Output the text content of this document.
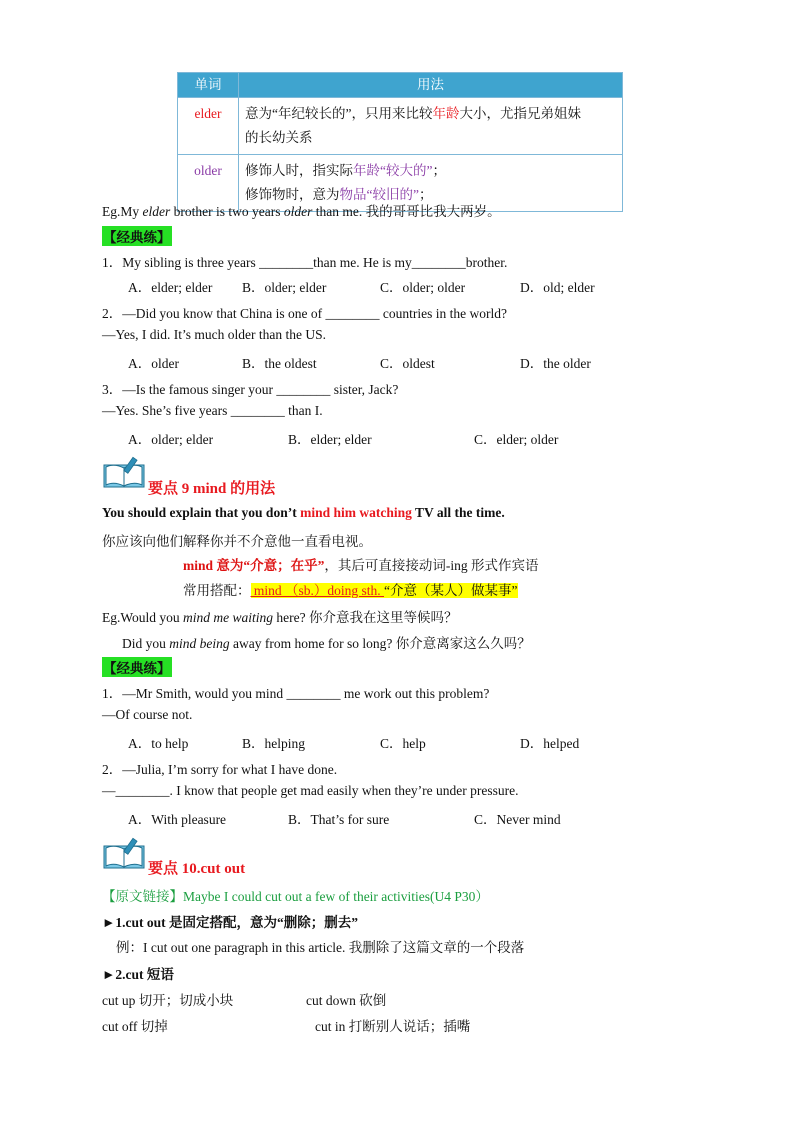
单词	用法
elder	意为“年纪较长的”，只用来比较年龄大小，尤指兄弟姐妹
的长幼关系
older	修饰人时，指实际年龄“较大的”；
修饰物时，意为物品“较旧的”；
Eg.My elder brother is two years older than me. 我的哥哥比我大两岁。
【经典练】
1．My sibling is three years ________than me. He is my________brother.
A．elder; elder B．older; elder	C．older; older	D．old; elder
2．—Did you know that China is one of ________ countries in the world?
—Yes, I did. It’s much older than the US.
A．older	B．the oldest	C．oldest	D．the older
3．—Is the famous singer your ________ sister, Jack?
—Yes. She’s five years ________ than I.
A．older; elder	B．elder; elder	C．elder; older
要点 9 mind 的用法
You should explain that you don’t mind him watching TV all the time.
你应该向他们解释你并不介意他一直看电视。
mind 意为“介意；在乎”，其后可直接接动词-ing 形式作宾语
常用搭配： mind （sb.）doing sth. “介意（某人）做某事”
Eg.Would you mind me waiting here? 你介意我在这里等候吗？
Did you mind being away from home for so long? 你介意离家这么久吗？
【经典练】
1．—Mr Smith, would you mind ________ me work out this problem?
—Of course not.
A．to help	B．helping	C．help	D．helped
2．—Julia, I’m sorry for what I have done.
—________. I know that people get mad easily when they’re under pressure.
A．With pleasure	B．That’s for sure	C．Never mind
要点 10.cut out
【原文链接】Maybe I could cut out a few of their activities(U4 P30）
►1.cut out 是固定搭配，意为“删除；删去”
例：I cut out one paragraph in this article. 我删除了这篇文章的一个段落
►2.cut 短语
cut up 切开；切成小块	cut down 砍倒
cut off 切掉	cut in 打断别人说话；插嘴
